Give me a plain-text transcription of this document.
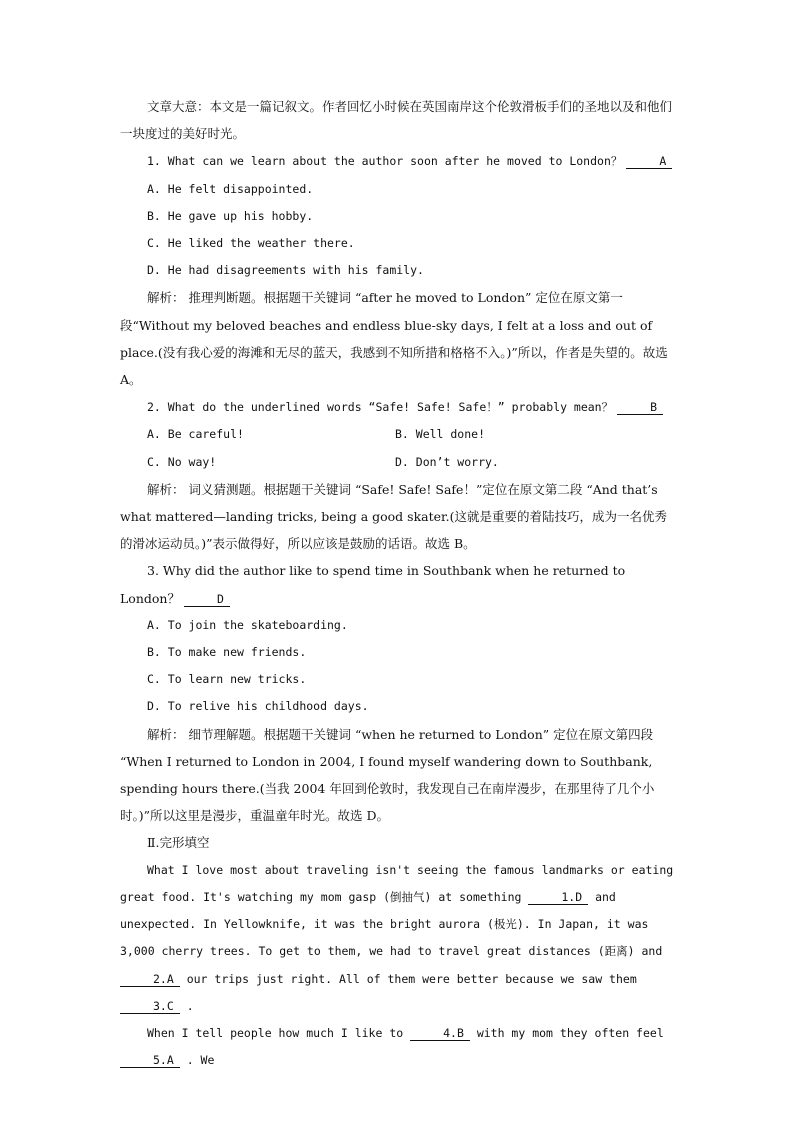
文章大意：本文是一篇记叙文。作者回忆小时候在英国南岸这个伦敦滑板手们的圣地以及和他们一块度过的美好时光。

1. What can we learn about the author soon after he moved to London？	A

A. He felt disappointed.

B. He gave up his hobby.

C. He liked the weather there.

D. He had disagreements with his family.

解析： 推理判断题。根据题干关键词 “after he moved to London” 定位在原文第一段“Without my beloved beaches and endless blue-sky days, I felt at a loss and out of place.(没有我心爱的海滩和无尽的蓝天，我感到不知所措和格格不入。)”所以，作者是失望的。故选 A。

2. What do the underlined words “Safe! Safe! Safe！” probably mean？	B

A. Be careful!	B. Well done!
C. No way!	D. Don’t worry.

解析： 词义猜测题。根据题干关键词 “Safe! Safe! Safe！”定位在原文第二段 “And that’s what mattered—landing tricks, being a good skater.(这就是重要的着陆技巧，成为一名优秀的滑冰运动员。)”表示做得好，所以应该是鼓励的话语。故选 B。

3. Why did the author like to spend time in Southbank when he returned to London？	D

A. To join the skateboarding.

B. To make new friends.

C. To learn new tricks.

D. To relive his childhood days.

解析： 细节理解题。根据题干关键词 “when he returned to London” 定位在原文第四段 “When I returned to London in 2004, I found myself wandering down to Southbank, spending hours there.(当我 2004 年回到伦敦时，我发现自己在南岸漫步，在那里待了几个小时。)”所以这里是漫步，重温童年时光。故选 D。

Ⅱ.完形填空

What I love most about traveling isn't seeing the famous landmarks or eating great food. It's watching my mom gasp (倒抽气) at something	1.D and unexpected. In Yellowknife, it was the bright aurora (极光). In Japan, it was 3,000 cherry trees. To get to them, we had to travel great distances (距离) and 2.A our trips just right. All of them were better because we saw them 3.C .

When I tell people how much I like to	4.B with my mom they often feel 5.A . We
